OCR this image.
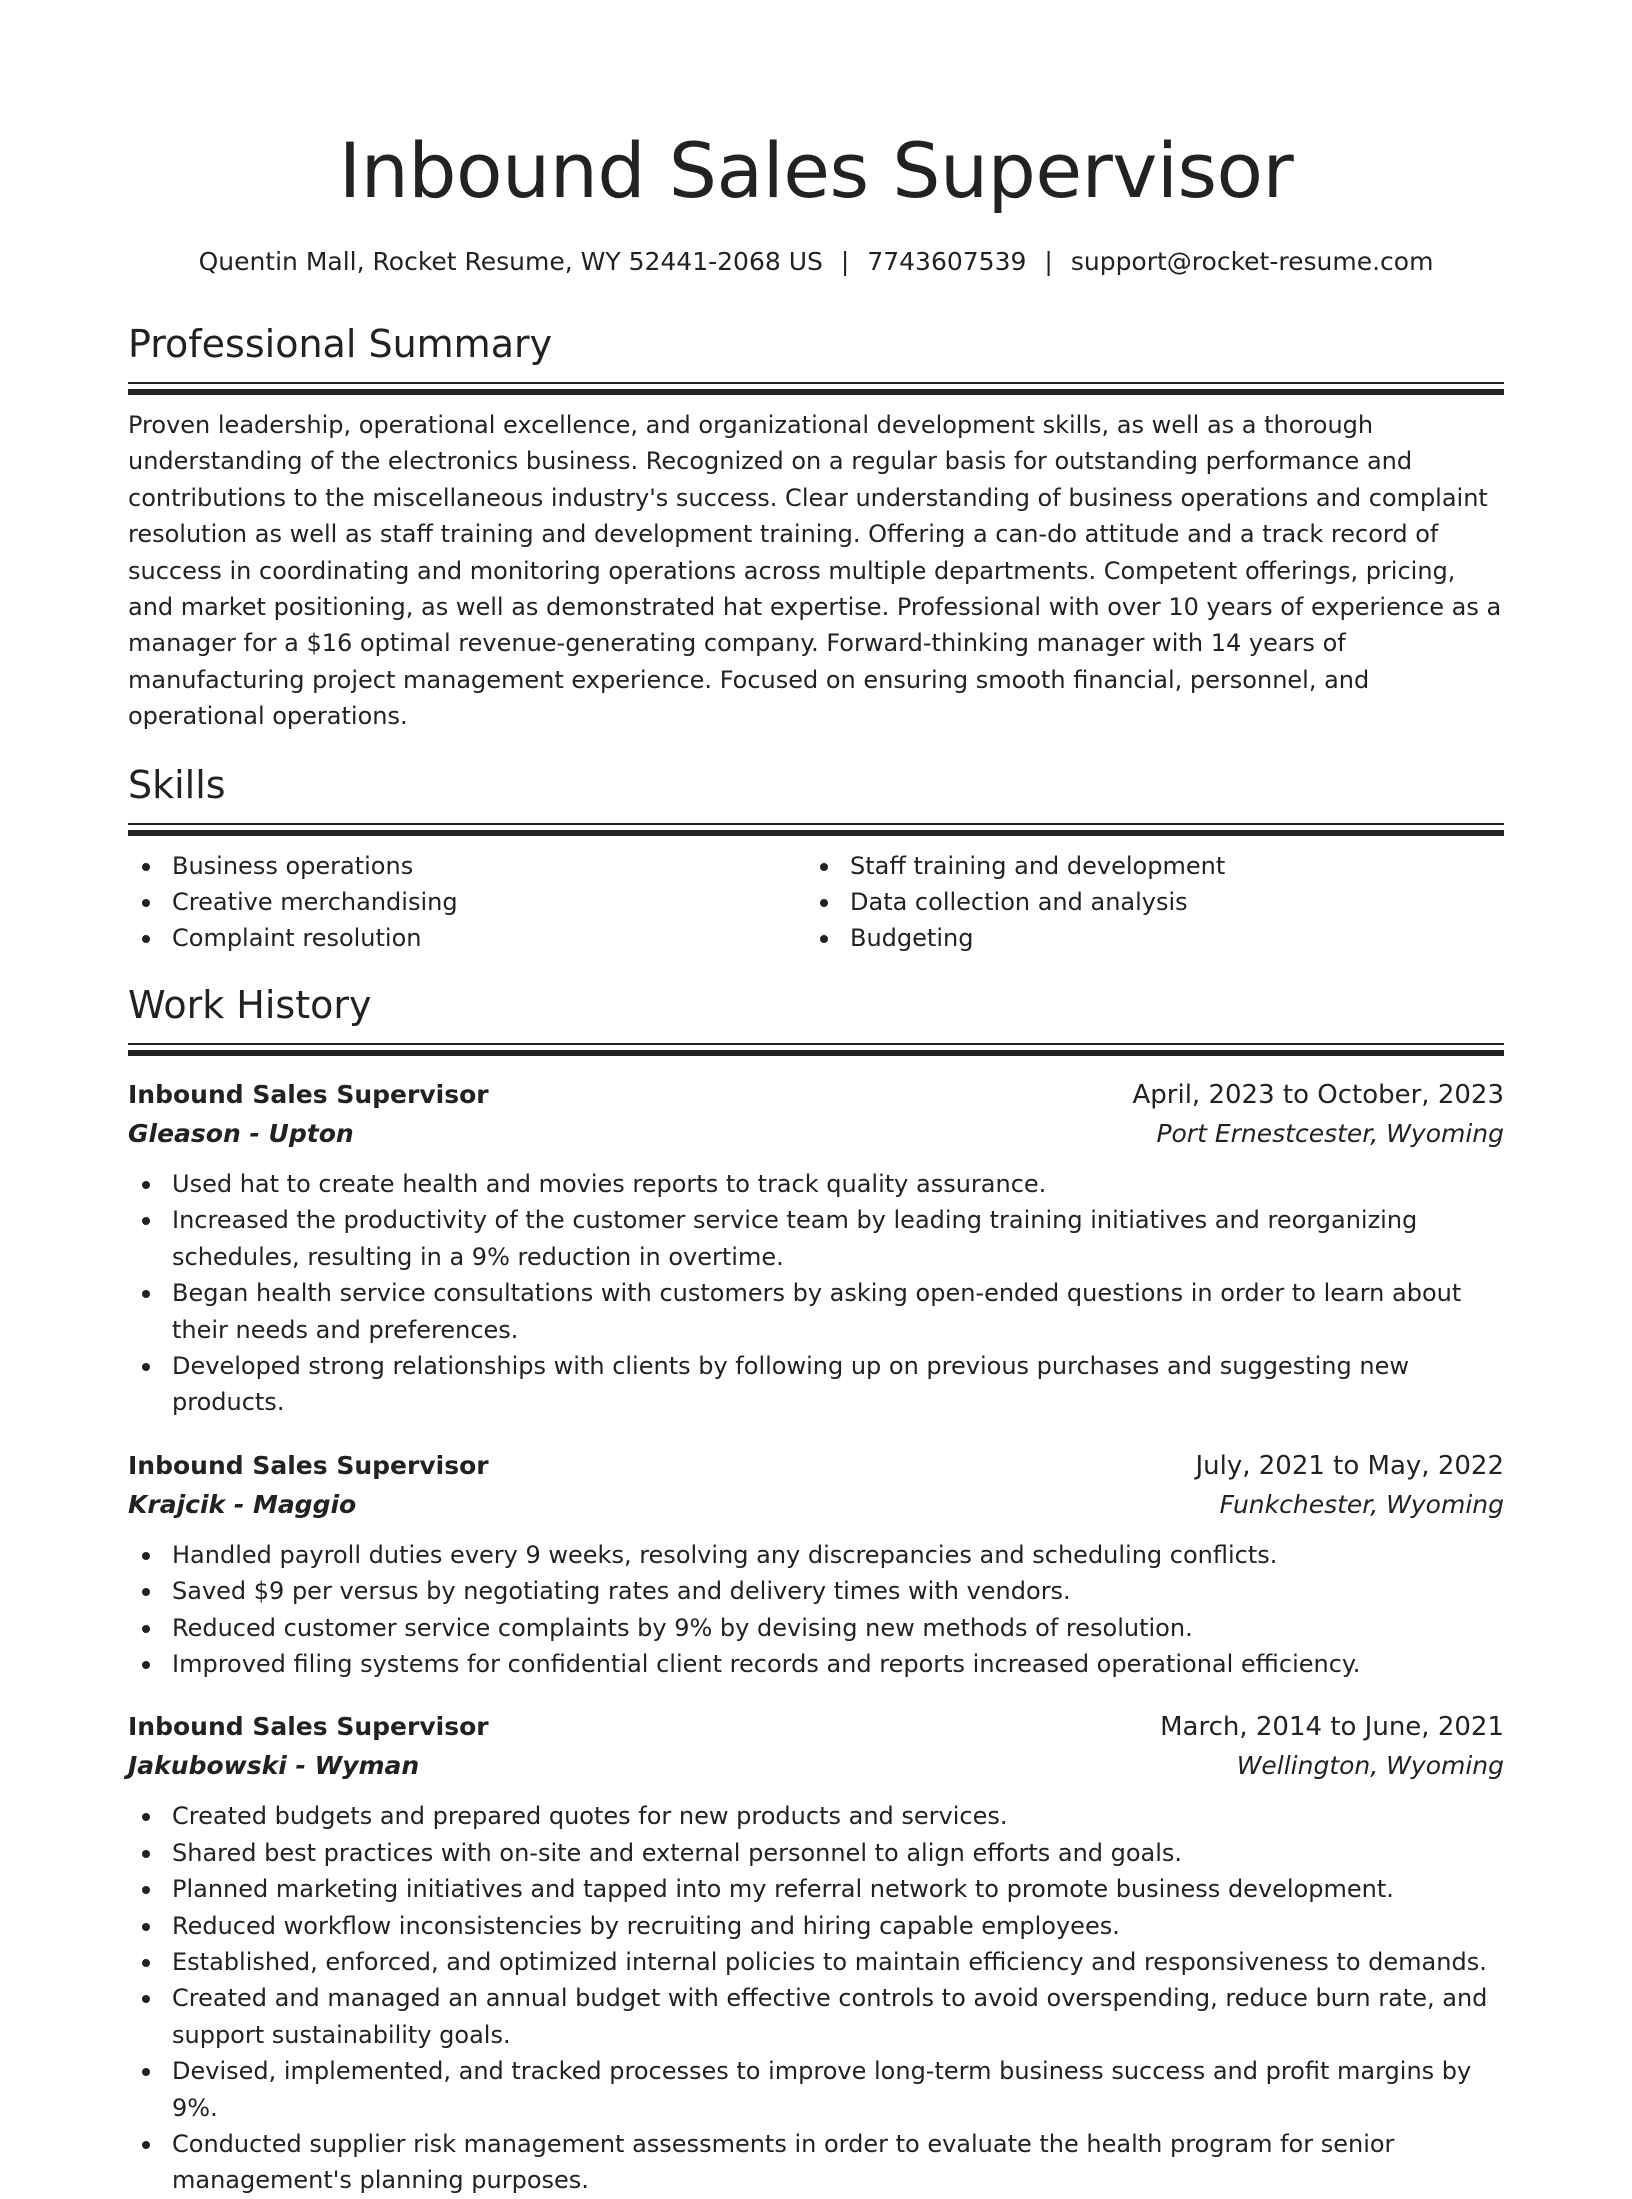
Inbound Sales Supervisor
Quentin Mall, Rocket Resume, WY 52441-2068 US | 7743607539 | support@rocket-resume.com
Professional Summary

Proven leadership, operational excellence, and organizational development skills, as well as a thorough understanding of the electronics business. Recognized on a regular basis for outstanding performance and contributions to the miscellaneous industry's success. Clear understanding of business operations and complaint resolution as well as staff training and development training. Offering a can-do attitude and a track record of success in coordinating and monitoring operations across multiple departments. Competent offerings, pricing, and market positioning, as well as demonstrated hat expertise. Professional with over 10 years of experience as a manager for a $16 optimal revenue-generating company. Forward-thinking manager with 14 years of manufacturing project management experience. Focused on ensuring smooth financial, personnel, and operational operations.

Skills
Business operations
Creative merchandising
Complaint resolution
Staff training and development
Data collection and analysis
Budgeting
Work History
Inbound Sales Supervisor	April, 2023 to October, 2023
Gleason - Upton	Port Ernestcester, Wyoming
Used hat to create health and movies reports to track quality assurance.
Increased the productivity of the customer service team by leading training initiatives and reorganizing schedules, resulting in a 9% reduction in overtime.
Began health service consultations with customers by asking open-ended questions in order to learn about their needs and preferences.
Developed strong relationships with clients by following up on previous purchases and suggesting new products.
Inbound Sales Supervisor	July, 2021 to May, 2022
Krajcik - Maggio	Funkchester, Wyoming
Handled payroll duties every 9 weeks, resolving any discrepancies and scheduling conflicts.
Saved $9 per versus by negotiating rates and delivery times with vendors.
Reduced customer service complaints by 9% by devising new methods of resolution.
Improved filing systems for confidential client records and reports increased operational efficiency.
Inbound Sales Supervisor	March, 2014 to June, 2021
Jakubowski - Wyman	Wellington, Wyoming
Created budgets and prepared quotes for new products and services.
Shared best practices with on-site and external personnel to align efforts and goals.
Planned marketing initiatives and tapped into my referral network to promote business development.
Reduced workflow inconsistencies by recruiting and hiring capable employees.
Established, enforced, and optimized internal policies to maintain efficiency and responsiveness to demands.
Created and managed an annual budget with effective controls to avoid overspending, reduce burn rate, and support sustainability goals.
Devised, implemented, and tracked processes to improve long-term business success and profit margins by 9%.
Conducted supplier risk management assessments in order to evaluate the health program for senior management's planning purposes.
